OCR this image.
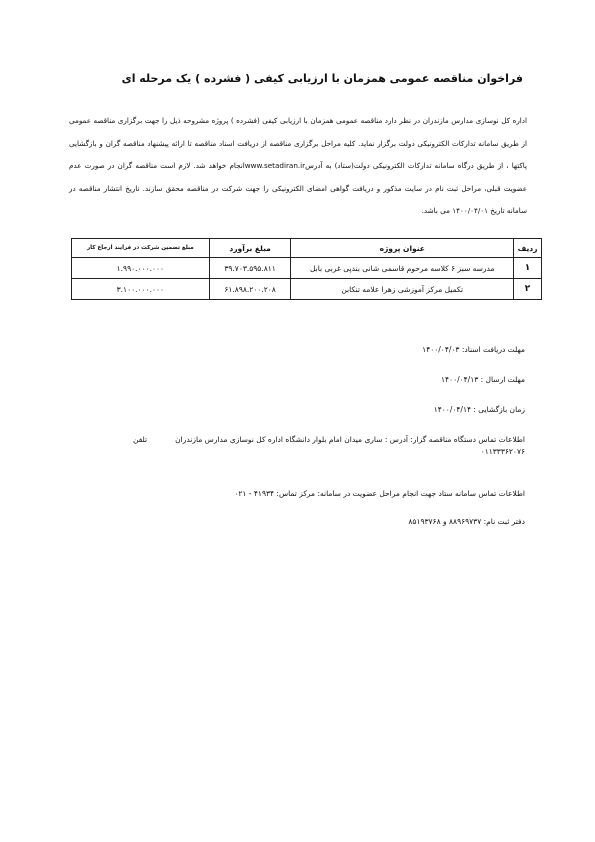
فراخوان مناقصه عمومی همزمان با ارزیابی کیفی ( فشرده ) یک مرحله ای
اداره کل نوسازی مدارس مازندران در نظر دارد مناقصه عمومی همزمان با ارزیابی کیفی (فشرده ) پروژه مشروحه ذیل را جهت برگزاری مناقصه عمومی از طریق سامانه تدارکات الکترونیکی دولت برگزار نماید. کلیه مراحل برگزاری مناقصه از دریافت اسناد مناقصه تا ارائه پیشنهاد مناقصه گران و بازگشایی پاکتها ، از طریق درگاه سامانه تدارکات الکترونیکی دولت(ستاد) به آدرسwww.setadiran.irانجام خواهد شد. لازم است مناقصه گران در صورت عدم عضویت قبلی، مراحل ثبت نام در سایت مذکور و دریافت گواهی امضای الکترونیکی را جهت شرکت در مناقصه محقق سازند. تاریخ انتشار مناقصه در سامانه تاریخ ۱۴۰۰/۰۴/۰۱ می باشد.
ردیف	عنوان پروژه	مبلغ برآورد	مبلغ تضمین شرکت در فرایند ارجاع کار
۱	مدرسه سبز ۶ کلاسه مرحوم قاسمی شانی بندپی غربی بابل	۳۹.۷۰۳.۵۹۵.۸۱۱	۱.۹۹۰.۰۰۰.۰۰۰
۲	تکمیل مرکز آموزشی زهرا علامه تنکابن	۶۱.۸۹۸.۲۰۰.۲۰۸	۳.۱۰۰.۰۰۰.۰۰۰
مهلت دریافت اسناد: ۱۴۰۰/۰۴/۰۳
مهلت ارسال : ۱۴۰۰/۰۴/۱۳
زمان بازگشایی : ۱۴۰۰/۰۴/۱۴
اطلاعات تماس دستگاه مناقصه گزار: آدرس : ساری میدان امام بلوار دانشگاه اداره کل نوسازی مدارس مازندرانتلفن
۰۱۱۳۳۳۶۲۰۷۶
اطلاعات تماس سامانه ستاد جهت انجام مراحل عضویت در سامانه: مرکز تماس: ۰۲۱ - ۴۱۹۳۴
دفتر ثبت نام: ۸۸۹۶۹۷۳۷ و ۸۵۱۹۳۷۶۸
